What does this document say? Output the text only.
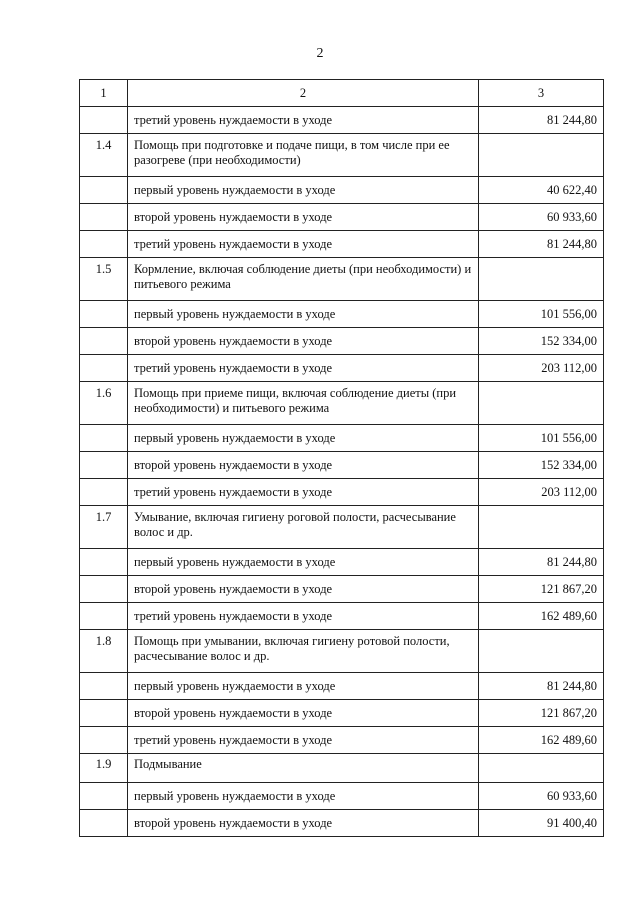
2
1	2	3
	третий уровень нуждаемости в уходе	81 244,80
1.4	Помощь при подготовке и подаче пищи, в том числе при ее разогреве (при необходимости)	
	первый уровень нуждаемости в уходе	40 622,40
	второй уровень нуждаемости в уходе	60 933,60
	третий уровень нуждаемости в уходе	81 244,80
1.5	Кормление, включая соблюдение диеты (при необходимости) и питьевого режима	
	первый уровень нуждаемости в уходе	101 556,00
	второй уровень нуждаемости в уходе	152 334,00
	третий уровень нуждаемости в уходе	203 112,00
1.6	Помощь при приеме пищи, включая соблюдение диеты (при необходимости) и питьевого режима	
	первый уровень нуждаемости в уходе	101 556,00
	второй уровень нуждаемости в уходе	152 334,00
	третий уровень нуждаемости в уходе	203 112,00
1.7	Умывание, включая гигиену роговой полости, расчесывание волос и др.	
	первый уровень нуждаемости в уходе	81 244,80
	второй уровень нуждаемости в уходе	121 867,20
	третий уровень нуждаемости в уходе	162 489,60
1.8	Помощь при умывании, включая гигиену ротовой полости, расчесывание волос и др.	
	первый уровень нуждаемости в уходе	81 244,80
	второй уровень нуждаемости в уходе	121 867,20
	третий уровень нуждаемости в уходе	162 489,60
1.9	Подмывание	
	первый уровень нуждаемости в уходе	60 933,60
	второй уровень нуждаемости в уходе	91 400,40
